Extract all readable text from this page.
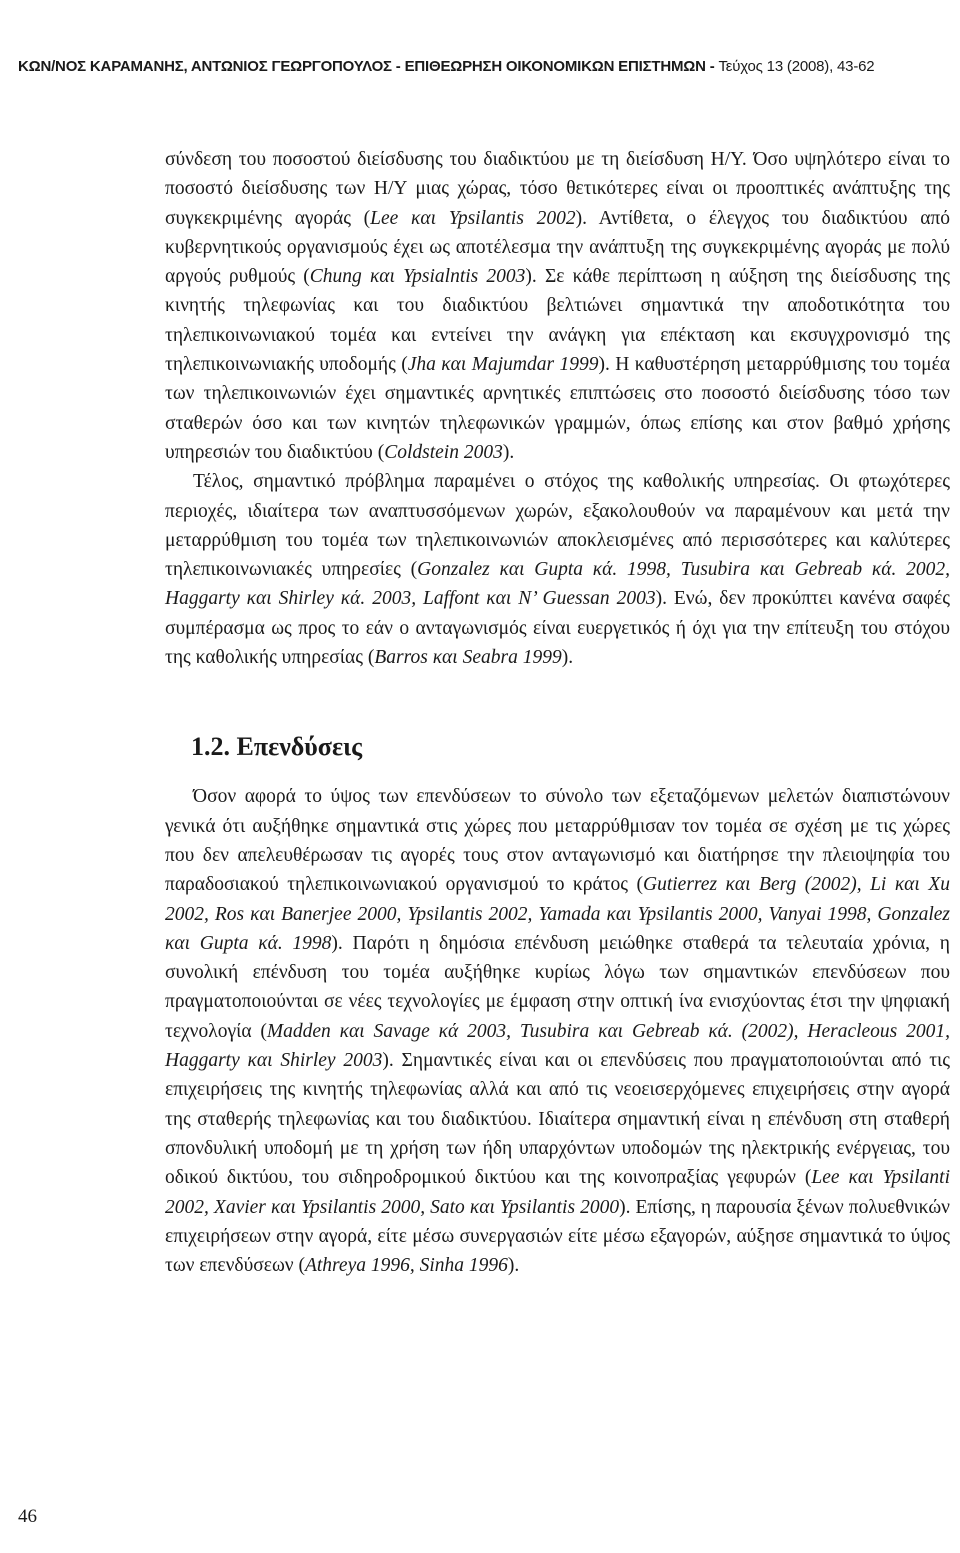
ΚΩΝ/ΝΟΣ ΚΑΡΑΜΑΝΗΣ, ΑΝΤΩΝΙΟΣ ΓΕΩΡΓΟΠΟΥΛΟΣ - ΕΠΙΘΕΩΡΗΣΗ ΟΙΚΟΝΟΜΙΚΩΝ ΕΠΙΣΤΗΜΩΝ - Τεύχος 13 (2008), 43-62

σύνδεση του ποσοστού διείσδυσης του διαδικτύου με τη διείσδυση Η/Υ. Όσο υψηλότερο είναι το ποσοστό διείσδυσης των Η/Υ μιας χώρας, τόσο θετικότερες είναι οι προοπτικές ανάπτυξης της συγκεκριμένης αγοράς (Lee και Ypsilantis 2002). Αντίθετα, ο έλεγχος του διαδικτύου από κυβερνητικούς οργανισμούς έχει ως αποτέλεσμα την ανάπτυξη της συγκεκριμένης αγοράς με πολύ αργούς ρυθμούς (Chung και Ypsialntis 2003). Σε κάθε περίπτωση η αύξηση της διείσδυσης της κινητής τηλεφωνίας και του διαδικτύου βελτιώνει σημαντικά την αποδοτικότητα του τηλεπικοινωνιακού τομέα και εντείνει την ανάγκη για επέκταση και εκσυγχρονισμό της τηλεπικοινωνιακής υποδομής (Jha και Majumdar 1999). Η καθυστέρηση μεταρρύθμισης του τομέα των τηλεπικοινωνιών έχει σημαντικές αρνητικές επιπτώσεις στο ποσοστό διείσδυσης τόσο των σταθερών όσο και των κινητών τηλεφωνικών γραμμών, όπως επίσης και στον βαθμό χρήσης υπηρεσιών του διαδικτύου (Coldstein 2003).

Τέλος, σημαντικό πρόβλημα παραμένει ο στόχος της καθολικής υπηρεσίας. Οι φτωχότερες περιοχές, ιδιαίτερα των αναπτυσσόμενων χωρών, εξακολουθούν να παραμένουν και μετά την μεταρρύθμιση του τομέα των τηλεπικοινωνιών αποκλεισμένες από περισσότερες και καλύτερες τηλεπικοινωνιακές υπηρεσίες (Gonzalez και Gupta κά. 1998, Tusubira και Gebreab κά. 2002, Haggarty και Shirley κά. 2003, Laffont και N’ Guessan 2003). Ενώ, δεν προκύπτει κανένα σαφές συμπέρασμα ως προς το εάν ο ανταγωνισμός είναι ευεργετικός ή όχι για την επίτευξη του στόχου της καθολικής υπηρεσίας (Barros και Seabra 1999).

1.2. Επενδύσεις

Όσον αφορά το ύψος των επενδύσεων το σύνολο των εξεταζόμενων μελετών διαπιστώνουν γενικά ότι αυξήθηκε σημαντικά στις χώρες που μεταρρύθμισαν τον τομέα σε σχέση με τις χώρες που δεν απελευθέρωσαν τις αγορές τους στον ανταγωνισμό και διατήρησε την πλειοψηφία του παραδοσιακού τηλεπικοινωνιακού οργανισμού το κράτος (Gutierrez και Berg (2002), Li και Xu 2002, Ros και Banerjee 2000, Ypsilantis 2002, Yamada και Ypsilantis 2000, Vanyai 1998, Gonzalez και Gupta κά. 1998). Παρότι η δημόσια επένδυση μειώθηκε σταθερά τα τελευταία χρόνια, η συνολική επένδυση του τομέα αυξήθηκε κυρίως λόγω των σημαντικών επενδύσεων που πραγματοποιούνται σε νέες τεχνολογίες με έμφαση στην οπτική ίνα ενισχύοντας έτσι την ψηφιακή τεχνολογία (Madden και Savage κά 2003, Tusubira και Gebreab κά. (2002), Heracleous 2001, Haggarty και Shirley 2003). Σημαντικές είναι και οι επενδύσεις που πραγματοποιούνται από τις επιχειρήσεις της κινητής τηλεφωνίας αλλά και από τις νεοεισερχόμενες επιχειρήσεις στην αγορά της σταθερής τηλεφωνίας και του διαδικτύου. Ιδιαίτερα σημαντική είναι η επένδυση στη σταθερή σπονδυλική υποδομή με τη χρήση των ήδη υπαρχόντων υποδομών της ηλεκτρικής ενέργειας, του οδικού δικτύου, του σιδηροδρομικού δικτύου και της κοινοπραξίας γεφυρών (Lee και Ypsilanti 2002, Xavier και Ypsilantis 2000, Sato και Ypsilantis 2000). Επίσης, η παρουσία ξένων πολυεθνικών επιχειρήσεων στην αγορά, είτε μέσω συνεργασιών είτε μέσω εξαγορών, αύξησε σημαντικά το ύψος των επενδύσεων (Athreya 1996, Sinha 1996).

46
